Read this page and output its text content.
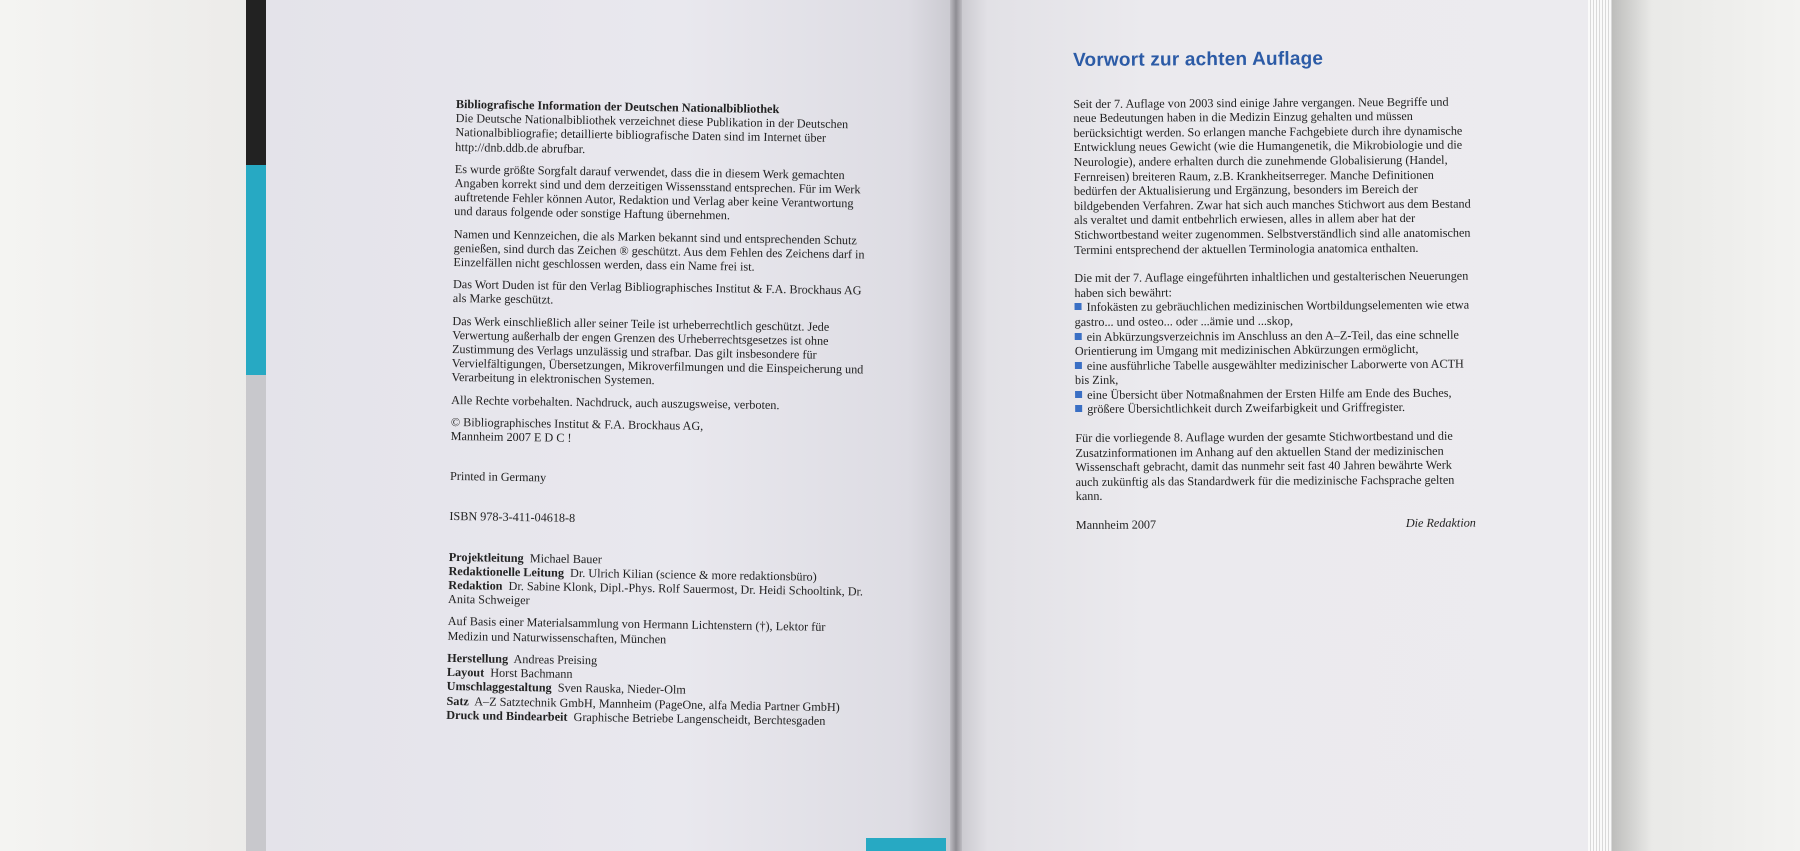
Bibliografische Information der Deutschen Nationalbibliothek
Die Deutsche Nationalbibliothek verzeichnet diese Publikation in der Deutschen Nationalbibliografie; detaillierte bibliografische Daten sind im Internet über http://dnb.ddb.de abrufbar.

Es wurde größte Sorgfalt darauf verwendet, dass die in diesem Werk gemachten Angaben korrekt sind und dem derzeitigen Wissensstand entsprechen. Für im Werk auftretende Fehler können Autor, Redaktion und Verlag aber keine Verantwortung und daraus folgende oder sonstige Haftung übernehmen.

Namen und Kennzeichen, die als Marken bekannt sind und entsprechenden Schutz genießen, sind durch das Zeichen ® geschützt. Aus dem Fehlen des Zeichens darf in Einzelfällen nicht geschlossen werden, dass ein Name frei ist.

Das Wort Duden ist für den Verlag Bibliographisches Institut & F.A. Brockhaus AG als Marke geschützt.

Das Werk einschließlich aller seiner Teile ist urheberrechtlich geschützt. Jede Verwertung außerhalb der engen Grenzen des Urheberrechtsgesetzes ist ohne Zustimmung des Verlags unzulässig und strafbar. Das gilt insbesondere für Vervielfältigungen, Übersetzungen, Mikroverfilmungen und die Einspeicherung und Verarbeitung in elektronischen Systemen.

Alle Rechte vorbehalten. Nachdruck, auch auszugsweise, verboten.

© Bibliographisches Institut & F.A. Brockhaus AG,
Mannheim 2007 E D C !

Printed in Germany

ISBN 978-3-411-04618-8

Projektleitung Michael Bauer
Redaktionelle Leitung Dr. Ulrich Kilian (science & more redaktionsbüro)
Redaktion Dr. Sabine Klonk, Dipl.-Phys. Rolf Sauermost, Dr. Heidi Schooltink, Dr. Anita Schweiger

Auf Basis einer Materialsammlung von Hermann Lichtenstern (†), Lektor für Medizin und Naturwissenschaften, München

Herstellung Andreas Preising
Layout Horst Bachmann
Umschlaggestaltung Sven Rauska, Nieder-Olm
Satz A–Z Satztechnik GmbH, Mannheim (PageOne, alfa Media Partner GmbH)
Druck und Bindearbeit Graphische Betriebe Langenscheidt, Berchtesgaden

Vorwort zur achten Auflage

Seit der 7. Auflage von 2003 sind einige Jahre vergangen. Neue Begriffe und neue Bedeutungen haben in die Medizin Einzug gehalten und müssen berücksichtigt werden. So erlangen manche Fachgebiete durch ihre dynamische Entwicklung neues Gewicht (wie die Humangenetik, die Mikrobiologie und die Neurologie), andere erhalten durch die zunehmende Globalisierung (Handel, Fernreisen) breiteren Raum, z.B. Krankheitserreger. Manche Definitionen bedürfen der Aktualisierung und Ergänzung, besonders im Bereich der bildgebenden Verfahren. Zwar hat sich auch manches Stichwort aus dem Bestand als veraltet und damit entbehrlich erwiesen, alles in allem aber hat der Stichwortbestand weiter zugenommen. Selbstverständlich sind alle anatomischen Termini entsprechend der aktuellen Terminologia anatomica enthalten.

Die mit der 7. Auflage eingeführten inhaltlichen und gestalterischen Neuerungen haben sich bewährt:

Infokästen zu gebräuchlichen medizinischen Wortbildungselementen wie etwa gastro... und osteo... oder ...ämie und ...skop,
ein Abkürzungsverzeichnis im Anschluss an den A–Z-Teil, das eine schnelle Orientierung im Umgang mit medizinischen Abkürzungen ermöglicht,
eine ausführliche Tabelle ausgewählter medizinischer Laborwerte von ACTH bis Zink,
eine Übersicht über Notmaßnahmen der Ersten Hilfe am Ende des Buches,
größere Übersichtlichkeit durch Zweifarbigkeit und Griffregister.

Für die vorliegende 8. Auflage wurden der gesamte Stichwortbestand und die Zusatzinformationen im Anhang auf den aktuellen Stand der medizinischen Wissenschaft gebracht, damit das nunmehr seit fast 40 Jahren bewährte Werk auch zukünftig als das Standardwerk für die medizinische Fachsprache gelten kann.

Mannheim 2007	Die Redaktion
